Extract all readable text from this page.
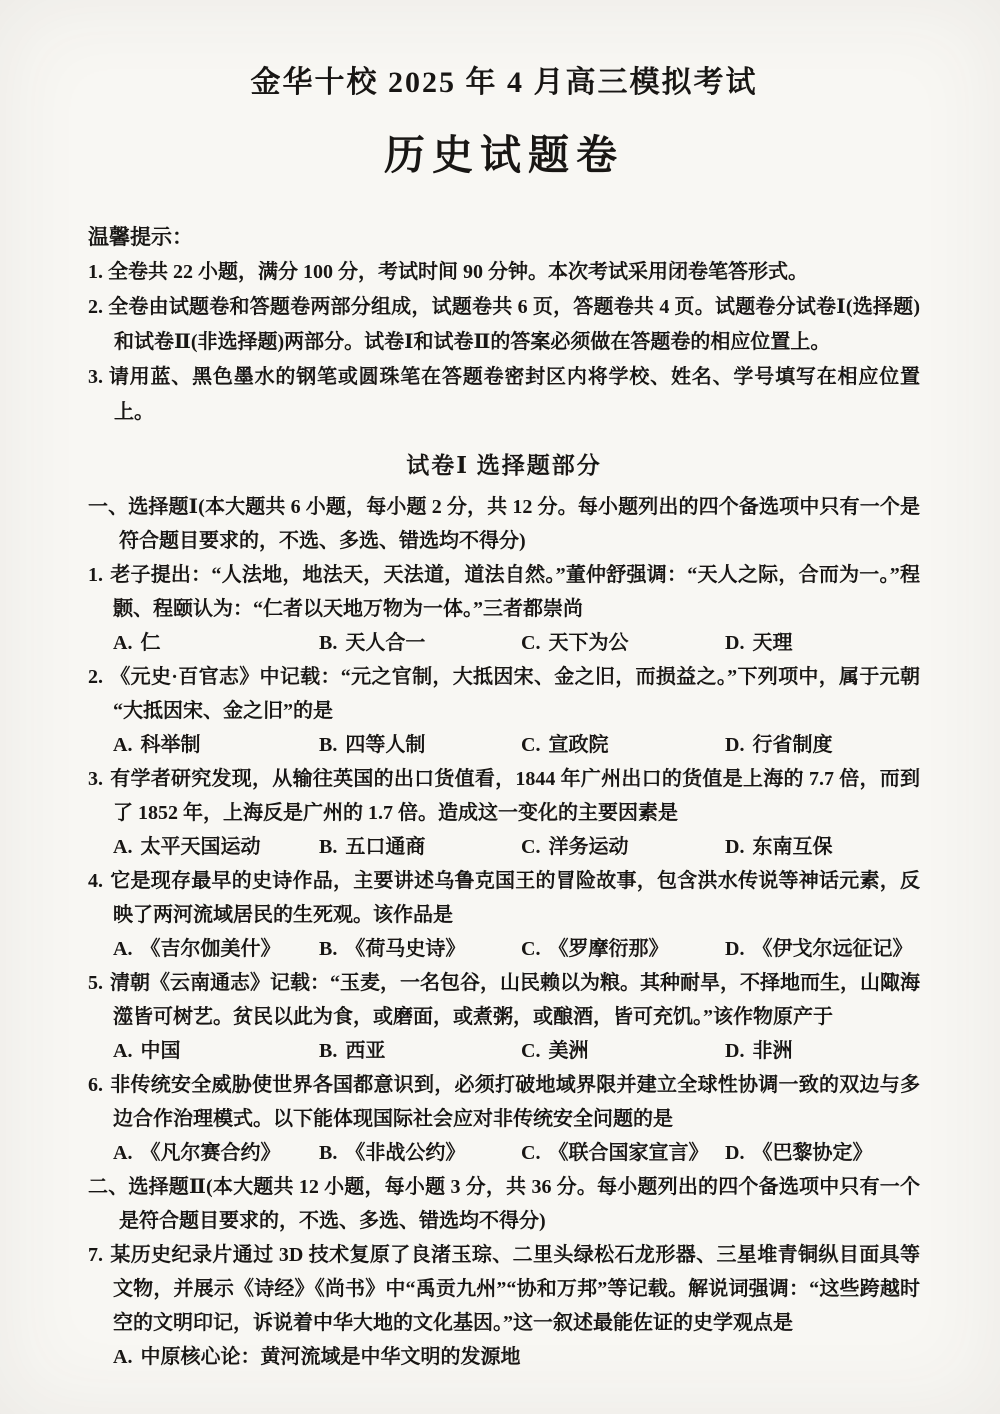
金华十校 2025 年 4 月高三模拟考试
历史试题卷
温馨提示：

1. 全卷共 22 小题，满分 100 分，考试时间 90 分钟。本次考试采用闭卷笔答形式。

2. 全卷由试题卷和答题卷两部分组成，试题卷共 6 页，答题卷共 4 页。试题卷分试卷Ⅰ(选择题)和试卷Ⅱ(非选择题)两部分。试卷Ⅰ和试卷Ⅱ的答案必须做在答题卷的相应位置上。

3. 请用蓝、黑色墨水的钢笔或圆珠笔在答题卷密封区内将学校、姓名、学号填写在相应位置上。

试卷Ⅰ 选择题部分

一、选择题Ⅰ(本大题共 6 小题，每小题 2 分，共 12 分。每小题列出的四个备选项中只有一个是符合题目要求的，不选、多选、错选均不得分)

1. 老子提出：“人法地，地法天，天法道，道法自然。”董仲舒强调：“天人之际，合而为一。”程颢、程颐认为：“仁者以天地万物为一体。”三者都崇尚

A. 仁	B. 天人合一	C. 天下为公	D. 天理

2. 《元史·百官志》中记载：“元之官制，大抵因宋、金之旧，而损益之。”下列项中，属于元朝“大抵因宋、金之旧”的是

A. 科举制	B. 四等人制	C. 宣政院	D. 行省制度

3. 有学者研究发现，从输往英国的出口货值看，1844 年广州出口的货值是上海的 7.7 倍，而到了 1852 年，上海反是广州的 1.7 倍。造成这一变化的主要因素是

A. 太平天国运动	B. 五口通商	C. 洋务运动	D. 东南互保

4. 它是现存最早的史诗作品，主要讲述乌鲁克国王的冒险故事，包含洪水传说等神话元素，反映了两河流域居民的生死观。该作品是

A. 《吉尔伽美什》	B. 《荷马史诗》	C. 《罗摩衍那》	D. 《伊戈尔远征记》

5. 清朝《云南通志》记载：“玉麦，一名包谷，山民赖以为粮。其种耐旱，不择地而生，山陬海澨皆可树艺。贫民以此为食，或磨面，或煮粥，或酿酒，皆可充饥。”该作物原产于

A. 中国	B. 西亚	C. 美洲	D. 非洲

6. 非传统安全威胁使世界各国都意识到，必须打破地域界限并建立全球性协调一致的双边与多边合作治理模式。以下能体现国际社会应对非传统安全问题的是

A. 《凡尔赛合约》	B. 《非战公约》	C. 《联合国家宣言》 D. 《巴黎协定》

二、选择题Ⅱ(本大题共 12 小题，每小题 3 分，共 36 分。每小题列出的四个备选项中只有一个是符合题目要求的，不选、多选、错选均不得分)

7. 某历史纪录片通过 3D 技术复原了良渚玉琮、二里头绿松石龙形器、三星堆青铜纵目面具等文物，并展示《诗经》《尚书》中“禹贡九州”“协和万邦”等记载。解说词强调：“这些跨越时空的文明印记，诉说着中华大地的文化基因。”这一叙述最能佐证的史学观点是

A. 中原核心论：黄河流域是中华文明的发源地
